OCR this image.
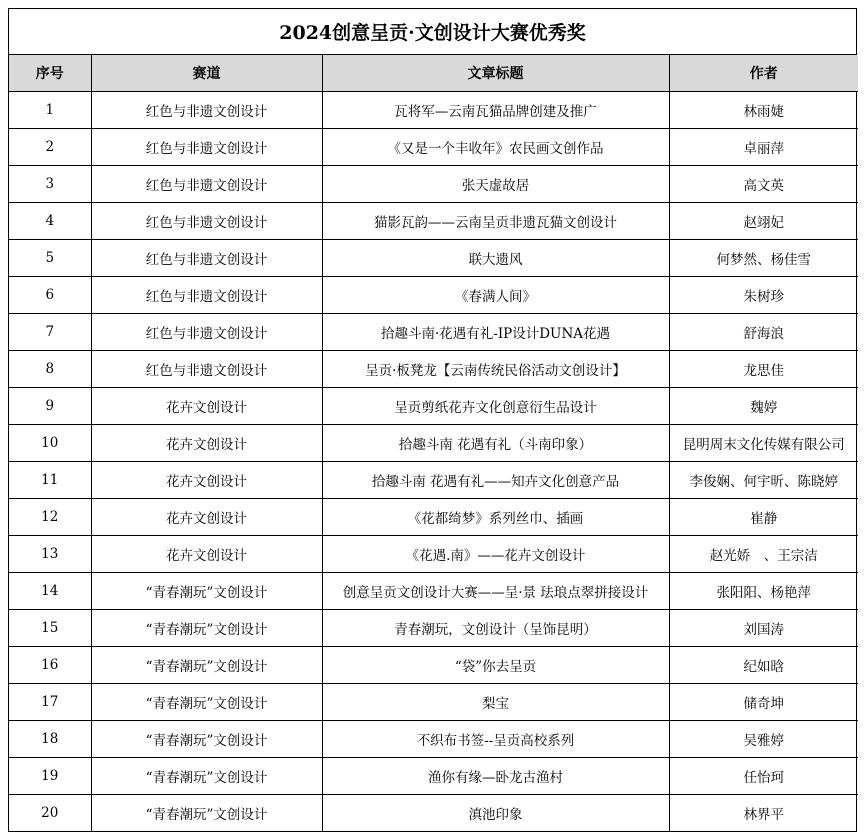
2024创意呈贡·文创设计大赛优秀奖
序号	赛道	文章标题	作者
1	红色与非遗文创设计	瓦将军—云南瓦猫品牌创建及推广	林雨婕
2	红色与非遗文创设计	《又是一个丰收年》农民画文创作品	卓丽萍
3	红色与非遗文创设计	张天虚故居	高文英
4	红色与非遗文创设计	猫影瓦韵——云南呈贡非遗瓦猫文创设计	赵翊妃
5	红色与非遗文创设计	联大遗风	何梦然、杨佳雪
6	红色与非遗文创设计	《春满人间》	朱树珍
7	红色与非遗文创设计	拾趣斗南·花遇有礼-IP设计DUNA花遇	舒海浪
8	红色与非遗文创设计	呈贡·板凳龙【云南传统民俗活动文创设计】	龙思佳
9	花卉文创设计	呈贡剪纸花卉文化创意衍生品设计	魏婷
10	花卉文创设计	拾趣斗南 花遇有礼（斗南印象）	昆明周末文化传媒有限公司
11	花卉文创设计	拾趣斗南 花遇有礼——知卉文化创意产品	李俊娴、何宇昕、陈晓婷
12	花卉文创设计	《花都绮梦》系列丝巾、插画	崔静
13	花卉文创设计	《花遇.南》——花卉文创设计	赵光娇　、王宗洁
14	“青春潮玩”文创设计	创意呈贡文创设计大赛——呈·景 珐琅点翠拼接设计	张阳阳、杨艳萍
15	“青春潮玩”文创设计	青春潮玩，文创设计（呈饰昆明）	刘国涛
16	“青春潮玩”文创设计	“袋”你去呈贡	纪如晗
17	“青春潮玩”文创设计	梨宝	储奇坤
18	“青春潮玩”文创设计	不织布书签--呈贡高校系列	吴雅婷
19	“青春潮玩”文创设计	渔你有缘—卧龙古渔村	任怡珂
20	“青春潮玩”文创设计	滇池印象	林界平
